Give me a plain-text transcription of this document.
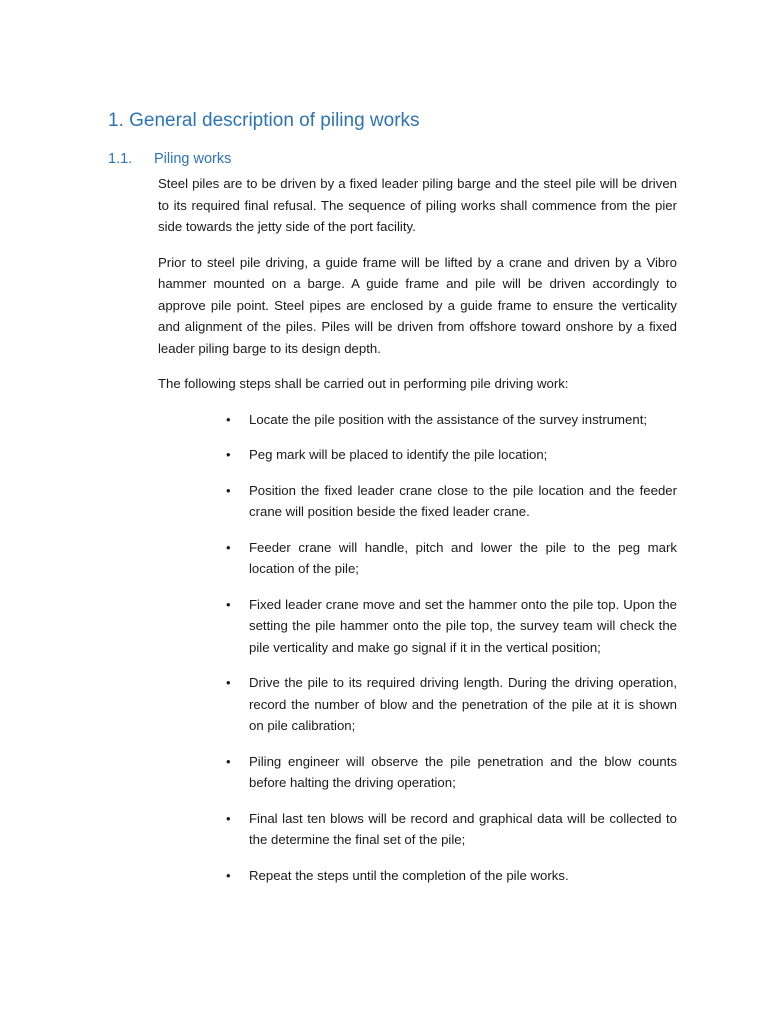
1. General description of piling works
1.1. Piling works

Steel piles are to be driven by a fixed leader piling barge and the steel pile will be driven to its required final refusal. The sequence of piling works shall commence from the pier side towards the jetty side of the port facility.

Prior to steel pile driving, a guide frame will be lifted by a crane and driven by a Vibro hammer mounted on a barge. A guide frame and pile will be driven accordingly to approve pile point. Steel pipes are enclosed by a guide frame to ensure the verticality and alignment of the piles. Piles will be driven from offshore toward onshore by a fixed leader piling barge to its design depth.

The following steps shall be carried out in performing pile driving work:

• Locate the pile position with the assistance of the survey instrument;
• Peg mark will be placed to identify the pile location;
• Position the fixed leader crane close to the pile location and the feeder crane will position beside the fixed leader crane.
• Feeder crane will handle, pitch and lower the pile to the peg mark location of the pile;
• Fixed leader crane move and set the hammer onto the pile top. Upon the setting the pile hammer onto the pile top, the survey team will check the pile verticality and make go signal if it in the vertical position;
• Drive the pile to its required driving length. During the driving operation, record the number of blow and the penetration of the pile at it is shown on pile calibration;
• Piling engineer will observe the pile penetration and the blow counts before halting the driving operation;
• Final last ten blows will be record and graphical data will be collected to the determine the final set of the pile;
• Repeat the steps until the completion of the pile works.
